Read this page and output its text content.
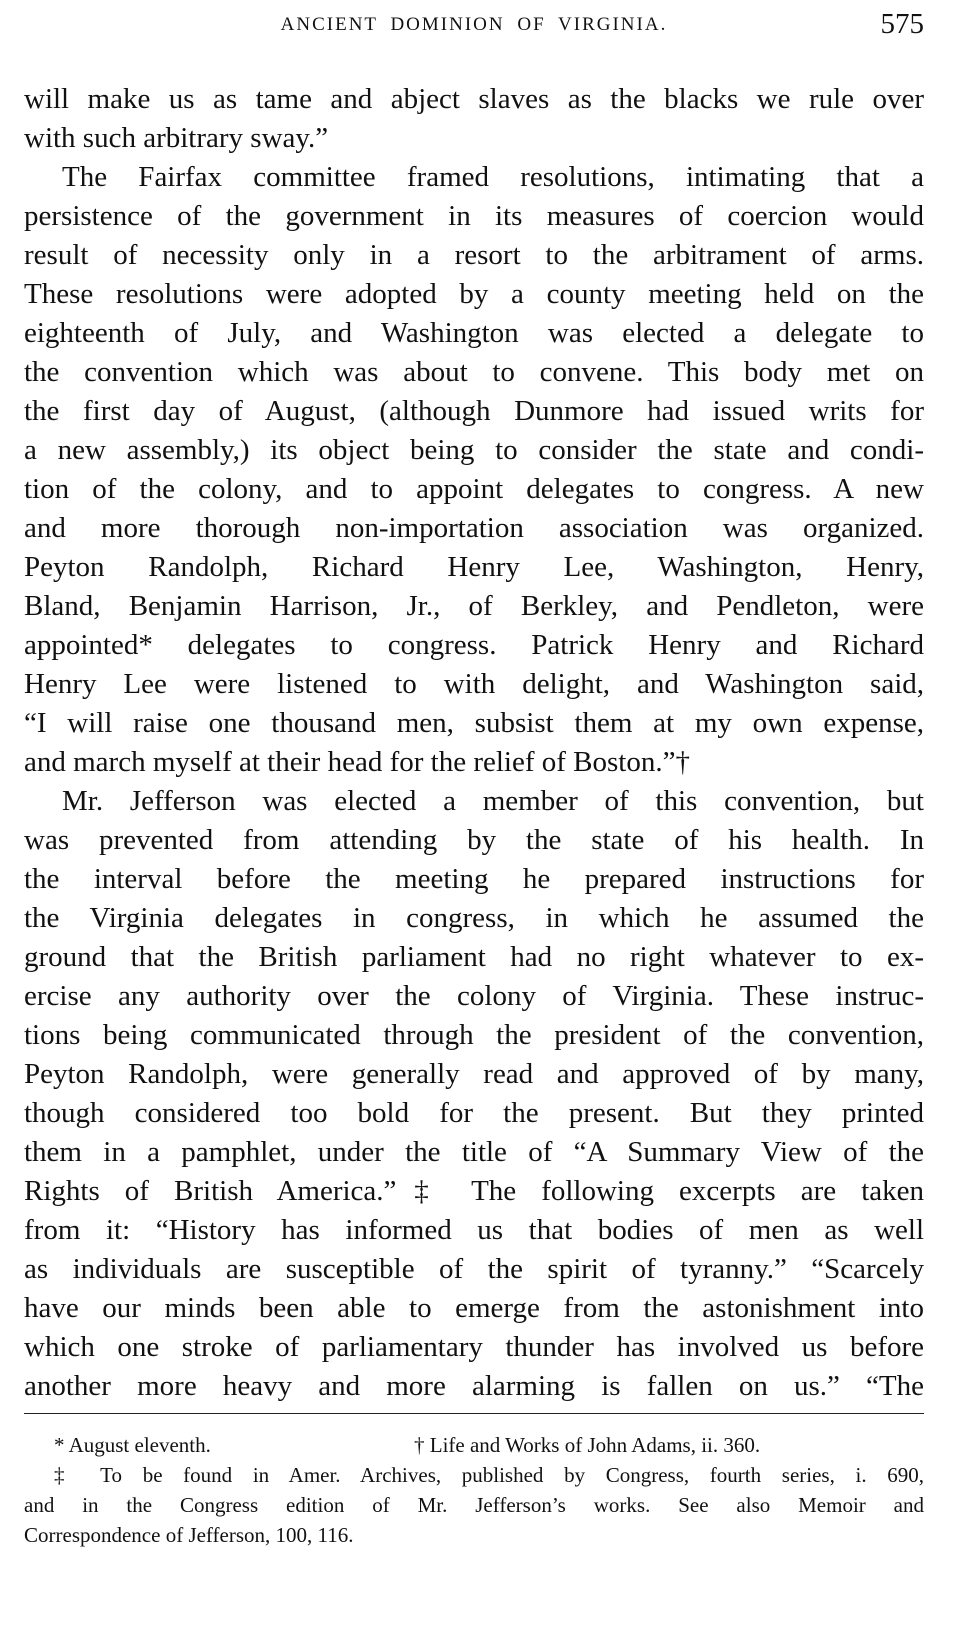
ANCIENT DOMINION OF VIRGINIA.	575
will make us as tame and abject slaves as the blacks we rule over
with such arbitrary sway.”
The Fairfax committee framed resolutions, intimating that a
persistence of the government in its measures of coercion would
result of necessity only in a resort to the arbitrament of arms.
These resolutions were adopted by a county meeting held on the
eighteenth of July, and Washington was elected a delegate to
the convention which was about to convene. This body met on
the first day of August, (although Dunmore had issued writs for
a new assembly,) its object being to consider the state and condi-
tion of the colony, and to appoint delegates to congress. A new
and more thorough non-importation association was organized.
Peyton Randolph, Richard Henry Lee, Washington, Henry,
Bland, Benjamin Harrison, Jr., of Berkley, and Pendleton, were
appointed* delegates to congress. Patrick Henry and Richard
Henry Lee were listened to with delight, and Washington said,
“I will raise one thousand men, subsist them at my own expense,
and march myself at their head for the relief of Boston.”†
Mr. Jefferson was elected a member of this convention, but
was prevented from attending by the state of his health. In
the interval before the meeting he prepared instructions for
the Virginia delegates in congress, in which he assumed the
ground that the British parliament had no right whatever to ex-
ercise any authority over the colony of Virginia. These instruc-
tions being communicated through the president of the convention,
Peyton Randolph, were generally read and approved of by many,
though considered too bold for the present. But they printed
them in a pamphlet, under the title of “A Summary View of the
Rights of British America.”‡ The following excerpts are taken
from it: “History has informed us that bodies of men as well
as individuals are susceptible of the spirit of tyranny.” “Scarcely
have our minds been able to emerge from the astonishment into
which one stroke of parliamentary thunder has involved us before
another more heavy and more alarming is fallen on us.” “The
* August eleventh.	† Life and Works of John Adams, ii. 360.
‡ To be found in Amer. Archives, published by Congress, fourth series, i. 690,
and in the Congress edition of Mr. Jefferson’s works. See also Memoir and
Correspondence of Jefferson, 100, 116.
